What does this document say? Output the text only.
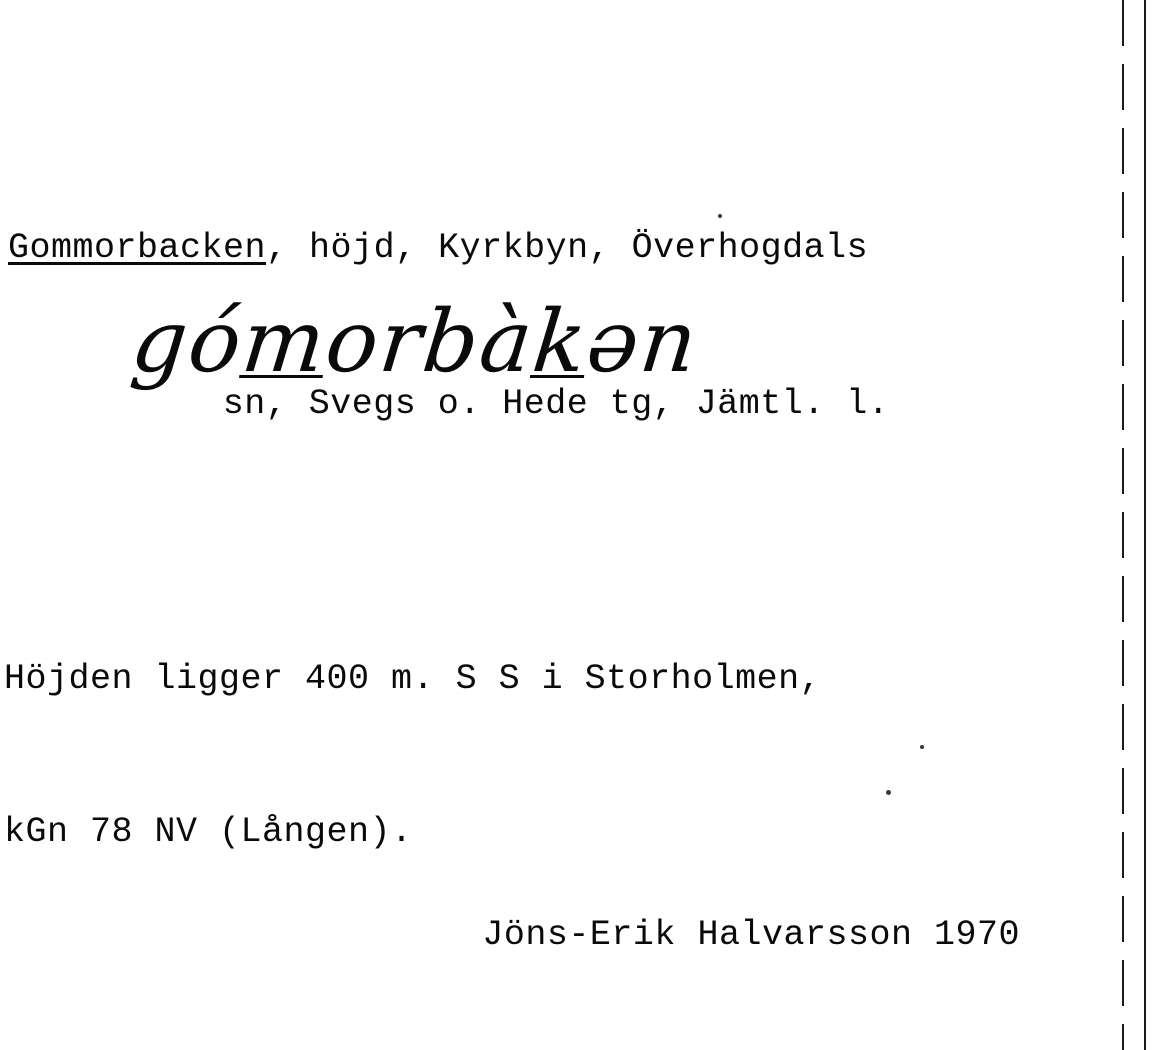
Gommorbacken, höjd, Kyrkbyn, Överhogdals

sn, Svegs o. Hede tg, Jämtl. l.

gómorbàkən

Höjden ligger 400 m. S S i Storholmen,

kGn 78 NV (Lången).

Jöns-Erik Halvarsson 1970
